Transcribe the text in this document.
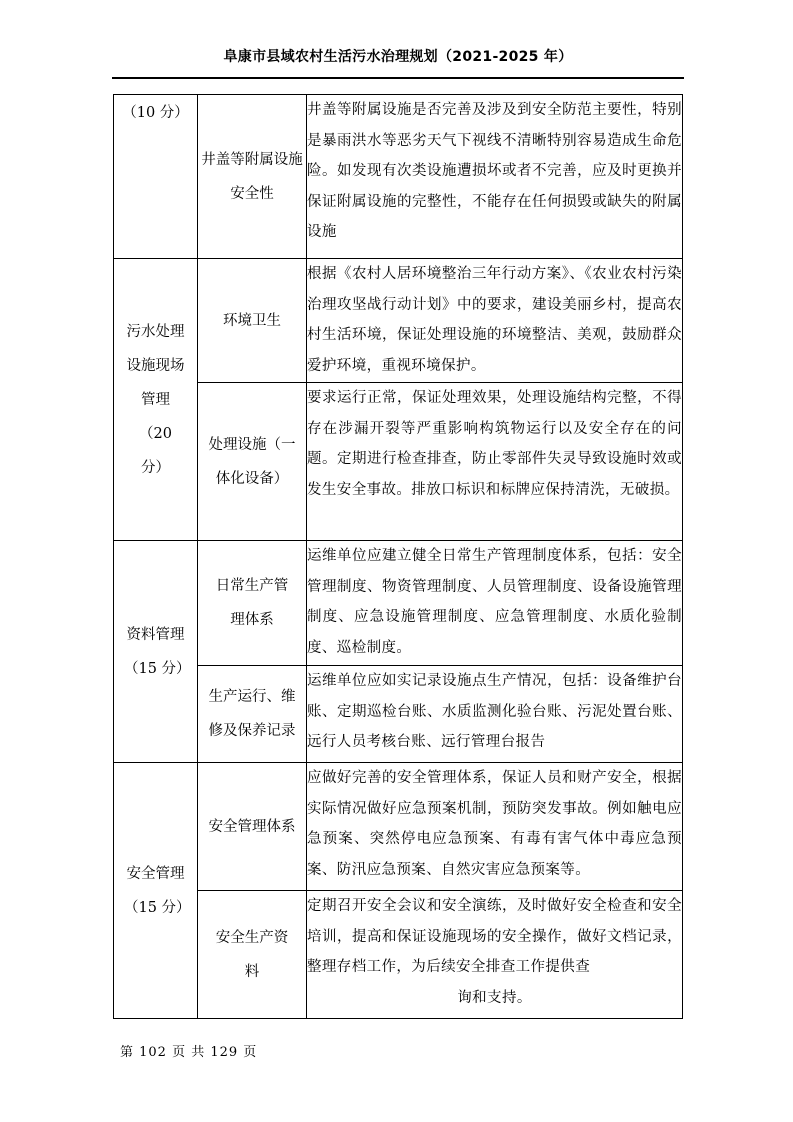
阜康市县域农村生活污水治理规划（2021-2025 年）
（10 分）	井盖等附属设施安全性	井盖等附属设施是否完善及涉及到安全防范主要性，特别是暴雨洪水等恶劣天气下视线不清晰特别容易造成生命危险。如发现有次类设施遭损坏或者不完善，应及时更换并保证附属设施的完整性，不能存在任何损毁或缺失的附属设施
污水处理设施现场管理（20 分）	环境卫生	根据《农村人居环境整治三年行动方案》、《农业农村污染治理攻坚战行动计划》中的要求，建设美丽乡村，提高农村生活环境，保证处理设施的环境整洁、美观，鼓励群众爱护环境，重视环境保护。
	处理设施（一体化设备）	要求运行正常，保证处理效果，处理设施结构完整，不得存在涉漏开裂等严重影响构筑物运行以及安全存在的问题。定期进行检查排查，防止零部件失灵导致设施时效或发生安全事故。排放口标识和标牌应保持清洗，无破损。
资料管理（15 分）	日常生产管理体系	运维单位应建立健全日常生产管理制度体系，包括：安全管理制度、物资管理制度、人员管理制度、设备设施管理制度、应急设施管理制度、应急管理制度、水质化验制度、巡检制度。
	生产运行、维修及保养记录	运维单位应如实记录设施点生产情况，包括：设备维护台账、定期巡检台账、水质监测化验台账、污泥处置台账、远行人员考核台账、远行管理台报告
安全管理（15 分）	安全管理体系	应做好完善的安全管理体系，保证人员和财产安全，根据实际情况做好应急预案机制，预防突发事故。例如触电应急预案、突然停电应急预案、有毒有害气体中毒应急预案、防汛应急预案、自然灾害应急预案等。
	安全生产资料	定期召开安全会议和安全演练，及时做好安全检查和安全培训，提高和保证设施现场的安全操作，做好文档记录，整理存档工作，为后续安全排查工作提供查
询和支持。
第 102 页 共 129 页
